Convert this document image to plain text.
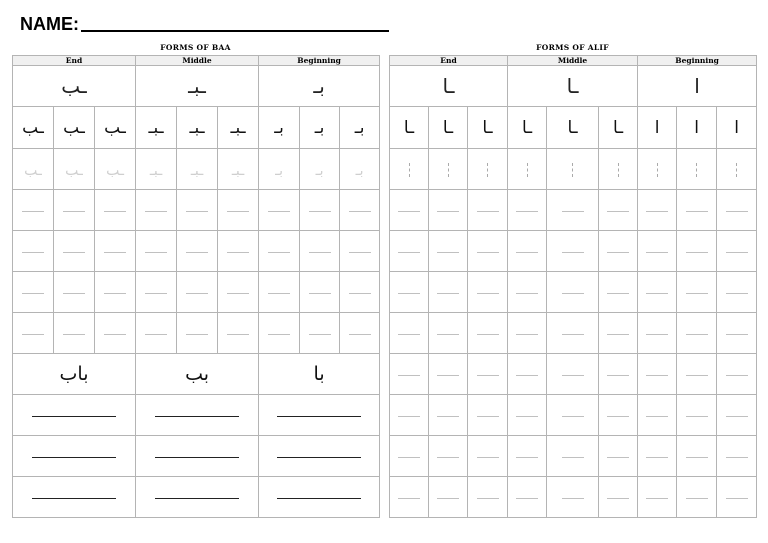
NAME:
FORMS OF BAA
End			Middle			Beginning		
ـب			ـبـ			بـ		
ـب	ـب	ـب	ـبـ	ـبـ	ـبـ	بـ	بـ	بـ
ـب	ـب	ـب	ـبـ	ـبـ	ـبـ	بـ	بـ	بـ

باب			بب			با		

FORMS OF ALIF
End			Middle			Beginning		
ـا			ـا			ا		
ـا	ـا	ـا	ـا	ـا	ـا	ا	ا	ا
